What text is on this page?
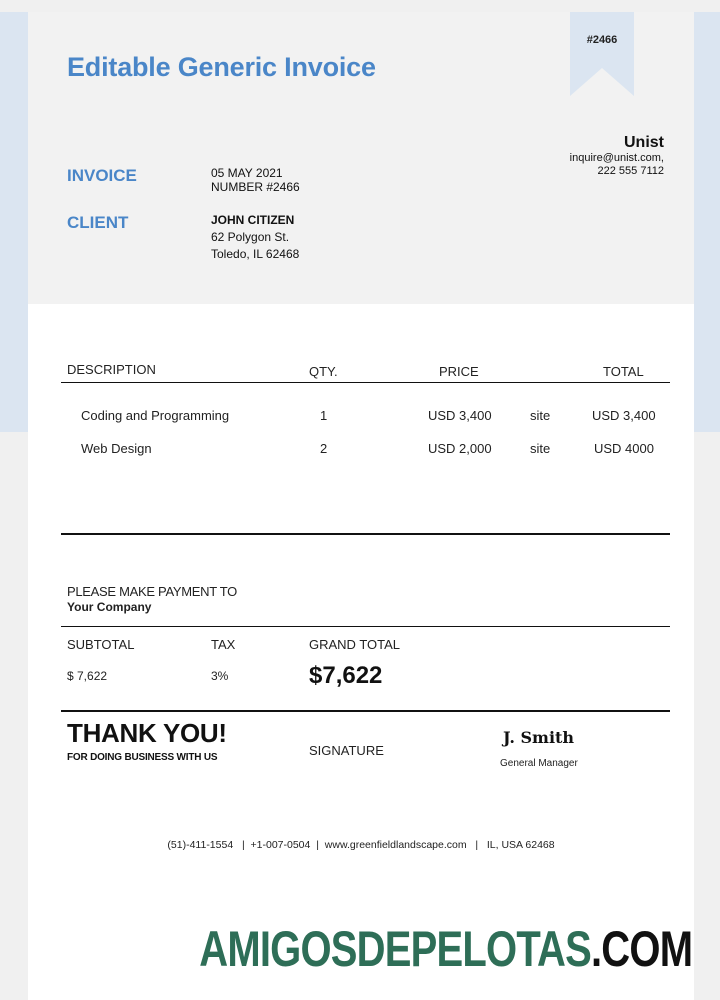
#2466
Editable Generic Invoice
Unist
inquire@unist.com,
222 555 7112
INVOICE	05 MAY 2021
NUMBER #2466
CLIENT	JOHN CITIZEN
62 Polygon St.
Toledo, IL 62468
DESCRIPTION	QTY.	PRICE	TOTAL
Coding and Programming	1	USD 3,400	site	USD 3,400
Web Design	2	USD 2,000	site	USD 4000
PLEASE MAKE PAYMENT TO
Your Company
SUBTOTAL	TAX	GRAND TOTAL
$ 7,622	3%	$7,622
THANK YOU!
FOR DOING BUSINESS WITH US	SIGNATURE
J. Smith
General Manager
(51)-411-1554 | +1-007-0504 | www.greenfieldlandscape.com | IL, USA 62468
AMIGOSDEPELOTAS.COM
